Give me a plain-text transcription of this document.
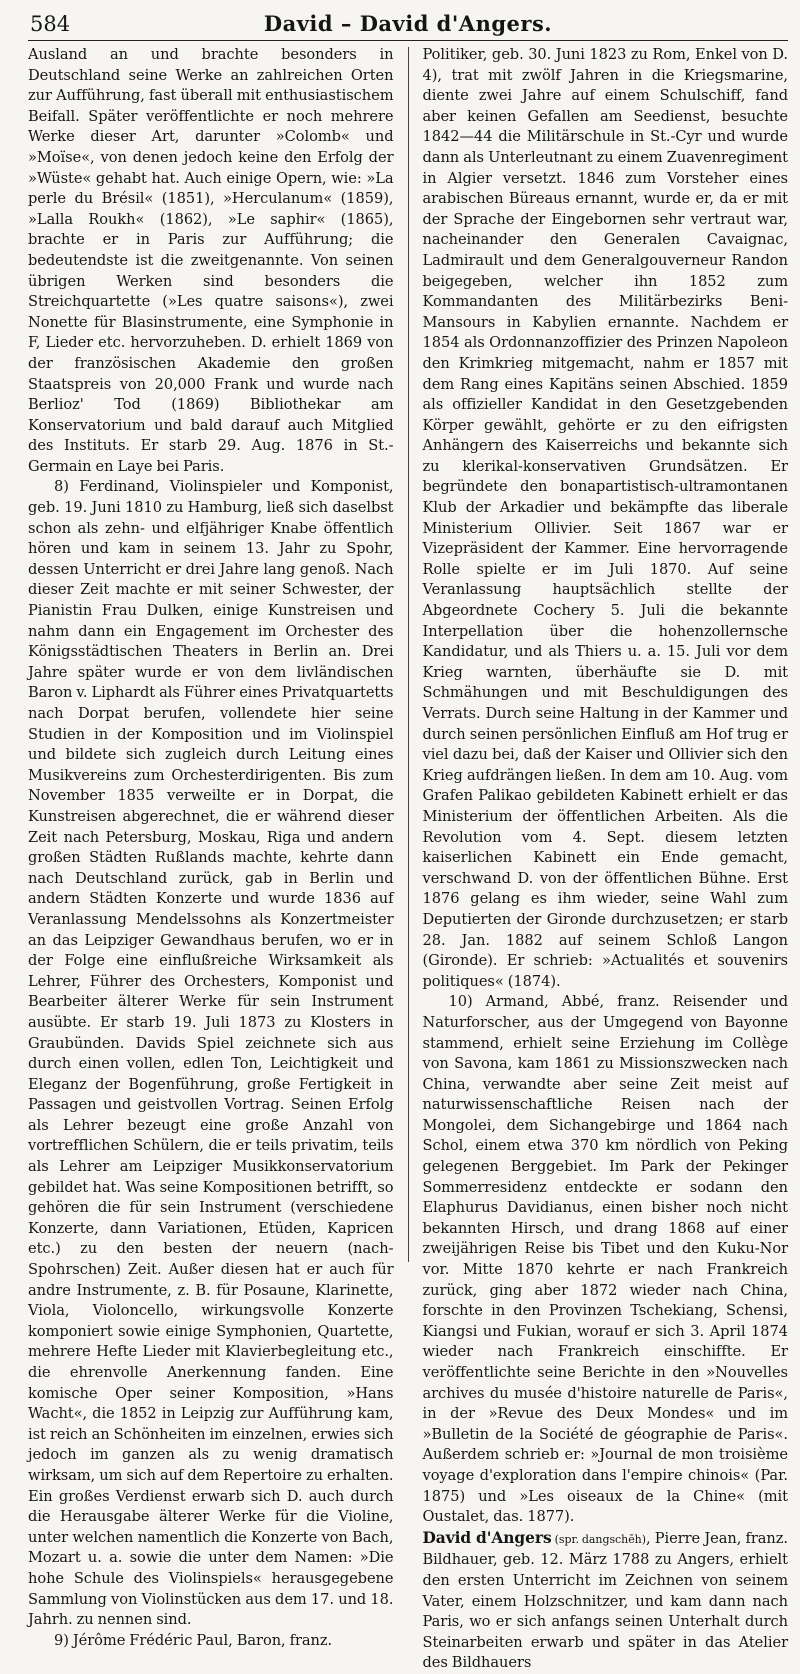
584	David – David d'Angers.

Ausland an und brachte besonders in Deutschland seine Werke an zahlreichen Orten zur Aufführung, fast überall mit enthusiastischem Beifall. Später veröffentlichte er noch mehrere Werke dieser Art, darunter »Colomb« und »Moïse«, von denen jedoch keine den Erfolg der »Wüste« gehabt hat. Auch einige Opern, wie: »La perle du Brésil« (1851), »Herculanum« (1859), »Lalla Roukh« (1862), »Le saphir« (1865), brachte er in Paris zur Aufführung; die bedeutendste ist die zweitgenannte. Von seinen übrigen Werken sind besonders die Streichquartette (»Les quatre saisons«), zwei Nonette für Blasinstrumente, eine Symphonie in F, Lieder etc. hervorzuheben. D. erhielt 1869 von der französischen Akademie den großen Staatspreis von 20,000 Frank und wurde nach Berlioz' Tod (1869) Bibliothekar am Konservatorium und bald darauf auch Mitglied des Instituts. Er starb 29. Aug. 1876 in St.-Germain en Laye bei Paris.

8) Ferdinand, Violinspieler und Komponist, geb. 19. Juni 1810 zu Hamburg, ließ sich daselbst schon als zehn- und elfjähriger Knabe öffentlich hören und kam in seinem 13. Jahr zu Spohr, dessen Unterricht er drei Jahre lang genoß. Nach dieser Zeit machte er mit seiner Schwester, der Pianistin Frau Dulken, einige Kunstreisen und nahm dann ein Engagement im Orchester des Königsstädtischen Theaters in Berlin an. Drei Jahre später wurde er von dem livländischen Baron v. Liphardt als Führer eines Privatquartetts nach Dorpat berufen, vollendete hier seine Studien in der Komposition und im Violinspiel und bildete sich zugleich durch Leitung eines Musikvereins zum Orchesterdirigenten. Bis zum November 1835 verweilte er in Dorpat, die Kunstreisen abgerechnet, die er während dieser Zeit nach Petersburg, Moskau, Riga und andern großen Städten Rußlands machte, kehrte dann nach Deutschland zurück, gab in Berlin und andern Städten Konzerte und wurde 1836 auf Veranlassung Mendelssohns als Konzertmeister an das Leipziger Gewandhaus berufen, wo er in der Folge eine einflußreiche Wirksamkeit als Lehrer, Führer des Orchesters, Komponist und Bearbeiter älterer Werke für sein Instrument ausübte. Er starb 19. Juli 1873 zu Klosters in Graubünden. Davids Spiel zeichnete sich aus durch einen vollen, edlen Ton, Leichtigkeit und Eleganz der Bogenführung, große Fertigkeit in Passagen und geistvollen Vortrag. Seinen Erfolg als Lehrer bezeugt eine große Anzahl von vortrefflichen Schülern, die er teils privatim, teils als Lehrer am Leipziger Musikkonservatorium gebildet hat. Was seine Kompositionen betrifft, so gehören die für sein Instrument (verschiedene Konzerte, dann Variationen, Etüden, Kapricen etc.) zu den besten der neuern (nach-Spohrschen) Zeit. Außer diesen hat er auch für andre Instrumente, z. B. für Posaune, Klarinette, Viola, Violoncello, wirkungsvolle Konzerte komponiert sowie einige Symphonien, Quartette, mehrere Hefte Lieder mit Klavierbegleitung etc., die ehrenvolle Anerkennung fanden. Eine komische Oper seiner Komposition, »Hans Wacht«, die 1852 in Leipzig zur Aufführung kam, ist reich an Schönheiten im einzelnen, erwies sich jedoch im ganzen als zu wenig dramatisch wirksam, um sich auf dem Repertoire zu erhalten. Ein großes Verdienst erwarb sich D. auch durch die Herausgabe älterer Werke für die Violine, unter welchen namentlich die Konzerte von Bach, Mozart u. a. sowie die unter dem Namen: »Die hohe Schule des Violinspiels« herausgegebene Sammlung von Violinstücken aus dem 17. und 18. Jahrh. zu nennen sind.

9) Jérôme Frédéric Paul, Baron, franz.

Politiker, geb. 30. Juni 1823 zu Rom, Enkel von D. 4), trat mit zwölf Jahren in die Kriegsmarine, diente zwei Jahre auf einem Schulschiff, fand aber keinen Gefallen am Seedienst, besuchte 1842—44 die Militärschule in St.-Cyr und wurde dann als Unterleutnant zu einem Zuavenregiment in Algier versetzt. 1846 zum Vorsteher eines arabischen Büreaus ernannt, wurde er, da er mit der Sprache der Eingebornen sehr vertraut war, nacheinander den Generalen Cavaignac, Ladmirault und dem Generalgouverneur Randon beigegeben, welcher ihn 1852 zum Kommandanten des Militärbezirks Beni-Mansours in Kabylien ernannte. Nachdem er 1854 als Ordonnanzoffizier des Prinzen Napoleon den Krimkrieg mitgemacht, nahm er 1857 mit dem Rang eines Kapitäns seinen Abschied. 1859 als offizieller Kandidat in den Gesetzgebenden Körper gewählt, gehörte er zu den eifrigsten Anhängern des Kaiserreichs und bekannte sich zu klerikal-konservativen Grundsätzen. Er begründete den bonapartistisch-ultramontanen Klub der Arkadier und bekämpfte das liberale Ministerium Ollivier. Seit 1867 war er Vizepräsident der Kammer. Eine hervorragende Rolle spielte er im Juli 1870. Auf seine Veranlassung hauptsächlich stellte der Abgeordnete Cochery 5. Juli die bekannte Interpellation über die hohenzollernsche Kandidatur, und als Thiers u. a. 15. Juli vor dem Krieg warnten, überhäufte sie D. mit Schmähungen und mit Beschuldigungen des Verrats. Durch seine Haltung in der Kammer und durch seinen persönlichen Einfluß am Hof trug er viel dazu bei, daß der Kaiser und Ollivier sich den Krieg aufdrängen ließen. In dem am 10. Aug. vom Grafen Palikao gebildeten Kabinett erhielt er das Ministerium der öffentlichen Arbeiten. Als die Revolution vom 4. Sept. diesem letzten kaiserlichen Kabinett ein Ende gemacht, verschwand D. von der öffentlichen Bühne. Erst 1876 gelang es ihm wieder, seine Wahl zum Deputierten der Gironde durchzusetzen; er starb 28. Jan. 1882 auf seinem Schloß Langon (Gironde). Er schrieb: »Actualités et souvenirs politiques« (1874).

10) Armand, Abbé, franz. Reisender und Naturforscher, aus der Umgegend von Bayonne stammend, erhielt seine Erziehung im Collège von Savona, kam 1861 zu Missionszwecken nach China, verwandte aber seine Zeit meist auf naturwissenschaftliche Reisen nach der Mongolei, dem Sichangebirge und 1864 nach Schol, einem etwa 370 km nördlich von Peking gelegenen Berggebiet. Im Park der Pekinger Sommerresidenz entdeckte er sodann den Elaphurus Davidianus, einen bisher noch nicht bekannten Hirsch, und drang 1868 auf einer zweijährigen Reise bis Tibet und den Kuku-Nor vor. Mitte 1870 kehrte er nach Frankreich zurück, ging aber 1872 wieder nach China, forschte in den Provinzen Tschekiang, Schensi, Kiangsi und Fukian, worauf er sich 3. April 1874 wieder nach Frankreich einschiffte. Er veröffentlichte seine Berichte in den »Nouvelles archives du musée d'histoire naturelle de Paris«, in der »Revue des Deux Mondes« und im »Bulletin de la Société de géographie de Paris«. Außerdem schrieb er: »Journal de mon troisième voyage d'exploration dans l'empire chinois« (Par. 1875) und »Les oiseaux de la Chine« (mit Oustalet, das. 1877).

David d'Angers (spr. dangschēh), Pierre Jean, franz. Bildhauer, geb. 12. März 1788 zu Angers, erhielt den ersten Unterricht im Zeichnen von seinem Vater, einem Holzschnitzer, und kam dann nach Paris, wo er sich anfangs seinen Unterhalt durch Steinarbeiten erwarb und später in das Atelier des Bildhauers
